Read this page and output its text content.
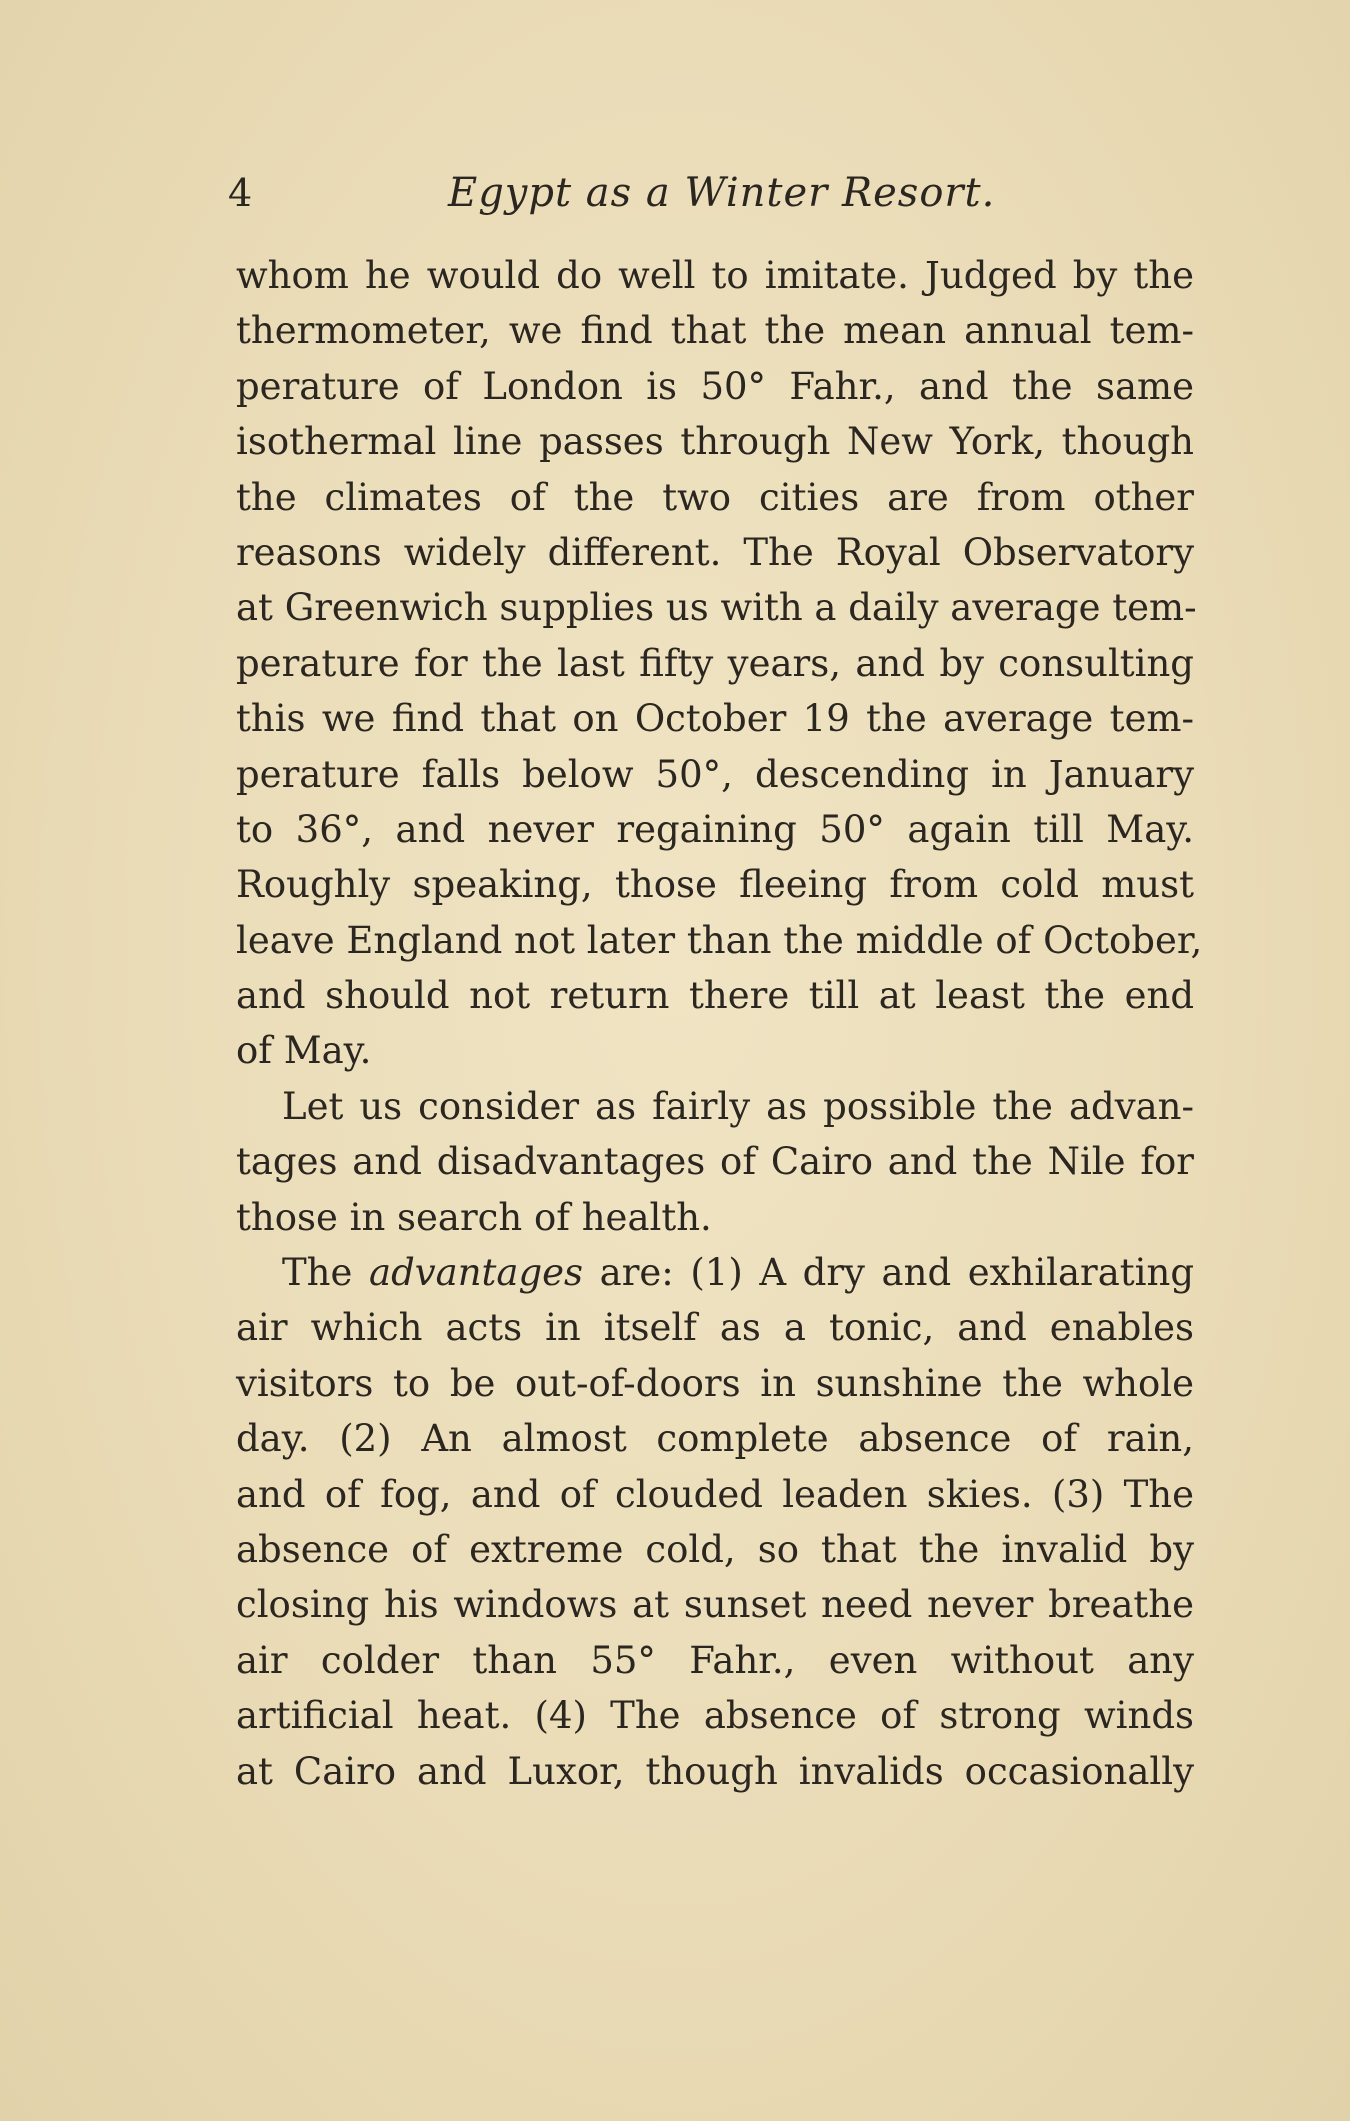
4	Egypt as a Winter Resort.
whom he would do well to imitate. Judged by the
thermometer, we find that the mean annual tem-
perature of London is 50° Fahr., and the same
isothermal line passes through New York, though
the climates of the two cities are from other
reasons widely different. The Royal Observatory
at Greenwich supplies us with a daily average tem-
perature for the last fifty years, and by consulting
this we find that on October 19 the average tem-
perature falls below 50°, descending in January
to 36°, and never regaining 50° again till May.
Roughly speaking, those fleeing from cold must
leave England not later than the middle of October,
and should not return there till at least the end
of May.
Let us consider as fairly as possible the advan-
tages and disadvantages of Cairo and the Nile for
those in search of health.
The advantages are: (1) A dry and exhilarating
air which acts in itself as a tonic, and enables
visitors to be out-of-doors in sunshine the whole
day. (2) An almost complete absence of rain,
and of fog, and of clouded leaden skies. (3) The
absence of extreme cold, so that the invalid by
closing his windows at sunset need never breathe
air colder than 55° Fahr., even without any
artificial heat. (4) The absence of strong winds
at Cairo and Luxor, though invalids occasionally
